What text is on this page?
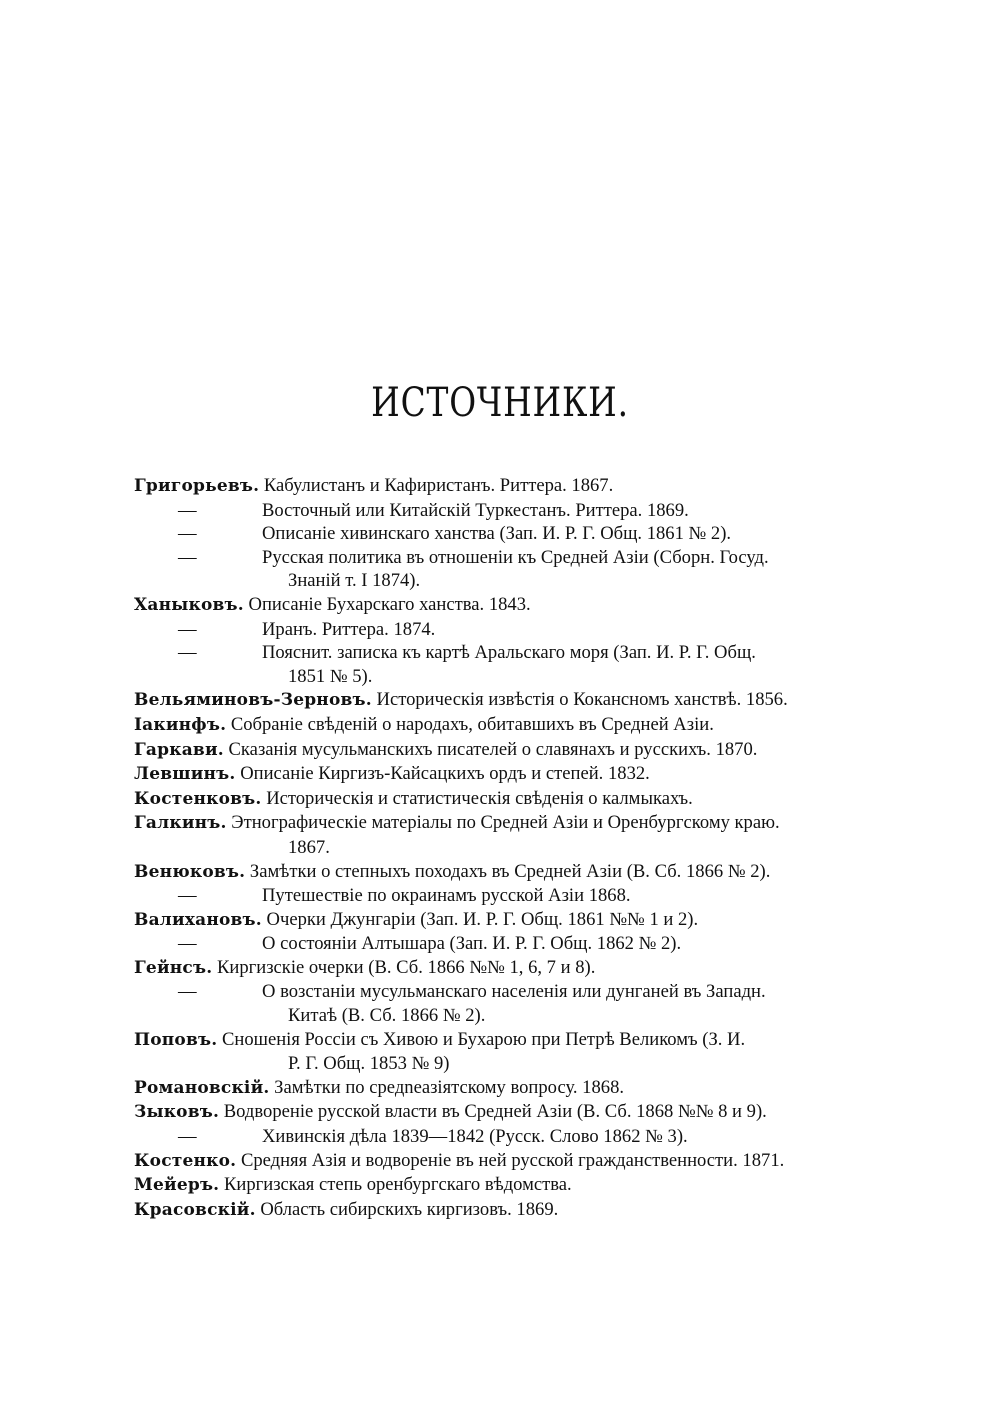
ИСТОЧНИКИ.
Григорьевъ. Кабулистанъ и Кафиристанъ. Риттера. 1867.
—	Восточный или Китайскій Туркестанъ. Риттера. 1869.
—	Описаніе хивинскаго ханства (Зап. И. Р. Г. Общ. 1861 № 2).
—	Русская политика въ отношеніи къ Средней Азіи (Сборн. Госуд.
Знаній т. I 1874).
Ханыковъ. Описаніе Бухарскаго ханства. 1843.
—	Иранъ. Риттера. 1874.
—	Пояснит. записка къ картѣ Аральскаго моря (Зап. И. Р. Г. Общ.
1851 № 5).
Вельяминовъ-Зерновъ. Историческія извѣстія о Кокансномъ ханствѣ. 1856.
Іакинфъ. Собраніе свѣденій о народахъ, обитавшихъ въ Средней Азіи.
Гаркави. Сказанія мусульманскихъ писателей о славянахъ и русскихъ. 1870.
Левшинъ. Описаніе Киргизъ-Кайсацкихъ ордъ и степей. 1832.
Костенковъ. Историческія и статистическія свѣденія о калмыкахъ.
Галкинъ. Этнографическіе матеріалы по Средней Азіи и Оренбургскому краю.
1867.
Венюковъ. Замѣтки о степныхъ походахъ въ Средней Азіи (В. Сб. 1866 № 2).
—	Путешествіе по окраинамъ русской Азіи 1868.
Валихановъ. Очерки Джунгаріи (Зап. И. Р. Г. Общ. 1861 №№ 1 и 2).
—	О состояніи Алтышара (Зап. И. Р. Г. Общ. 1862 № 2).
Гейнсъ. Киргизскіе очерки (В. Сб. 1866 №№ 1, 6, 7 и 8).
—	О возстаніи мусульманскаго населенія или дунганей въ Западн.
Китаѣ (В. Сб. 1866 № 2).
Поповъ. Сношенія Россіи съ Хивою и Бухарою при Петрѣ Великомъ (З. И.
Р. Г. Общ. 1853 № 9)
Романовскій. Замѣтки по средneазіятскому вопросу. 1868.
Зыковъ. Водвореніе русской власти въ Средней Азіи (В. Сб. 1868 №№ 8 и 9).
—	Хивинскія дѣла 1839—1842 (Русск. Слово 1862 № 3).
Костенко. Средняя Азія и водвореніе въ ней русской гражданственности. 1871.
Мейеръ. Киргизская степь оренбургскаго вѣдомства.
Красовскій. Область сибирскихъ киргизовъ. 1869.
